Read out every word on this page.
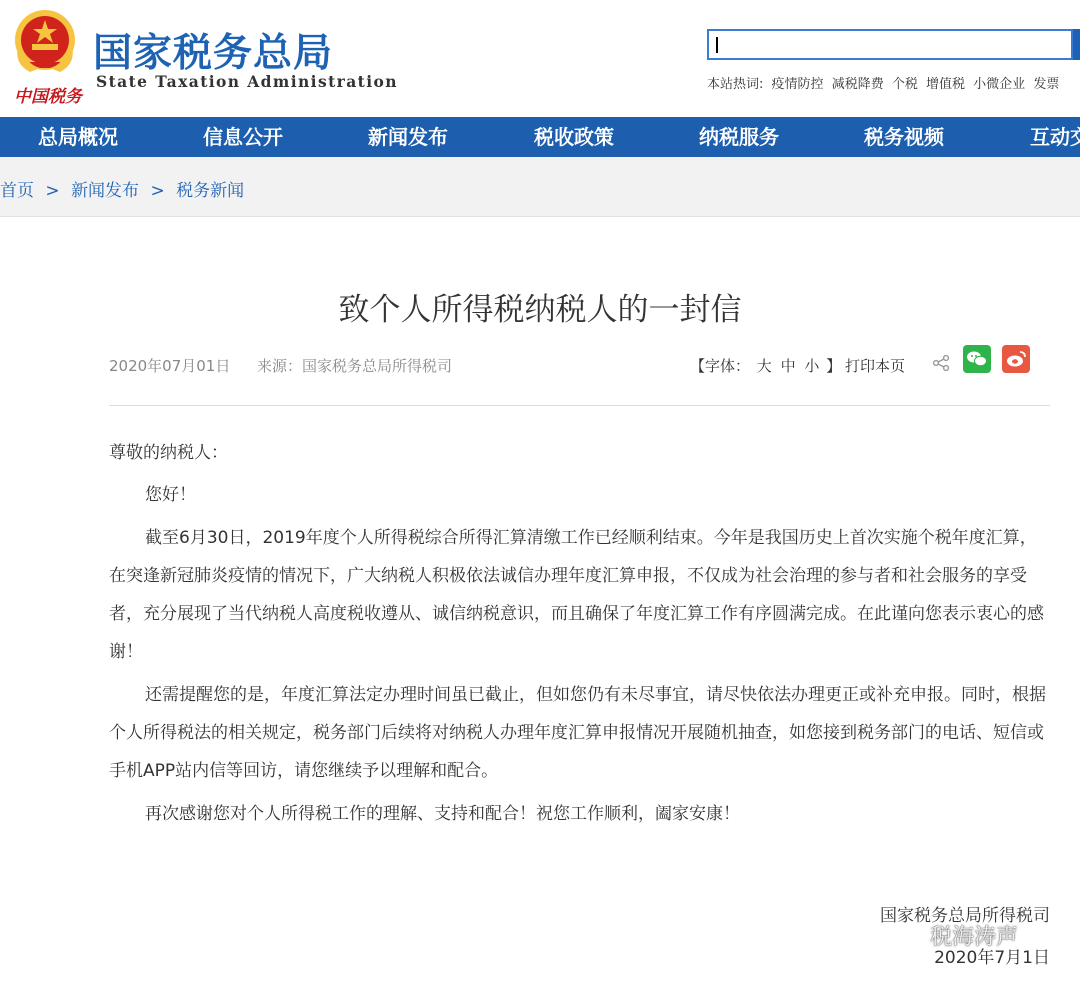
中国税务
国家税务总局
State Taxation Administration	本站热词: 疫情防控 减税降费 个税 增值税 小微企业 发票
总局概况	信息公开	新闻发布	税收政策	纳税服务	税务视频	互动交
首页 > 新闻发布 > 税务新闻
致个人所得税纳税人的一封信
2020年07月01日 来源：国家税务总局所得税司	【字体： 大 中 小 】 打印本页

尊敬的纳税人：

您好！

截至6月30日，2019年度个人所得税综合所得汇算清缴工作已经顺利结束。今年是我国历史上首次实施个税年度汇算，在突逢新冠肺炎疫情的情况下，广大纳税人积极依法诚信办理年度汇算申报，不仅成为社会治理的参与者和社会服务的享受者，充分展现了当代纳税人高度税收遵从、诚信纳税意识，而且确保了年度汇算工作有序圆满完成。在此谨向您表示衷心的感谢！

还需提醒您的是，年度汇算法定办理时间虽已截止，但如您仍有未尽事宜，请尽快依法办理更正或补充申报。同时，根据个人所得税法的相关规定，税务部门后续将对纳税人办理年度汇算申报情况开展随机抽查，如您接到税务部门的电话、短信或手机APP站内信等回访，请您继续予以理解和配合。

再次感谢您对个人所得税工作的理解、支持和配合！祝您工作顺利，阖家安康！

国家税务总局所得税司
2020年7月1日
税海涛声
